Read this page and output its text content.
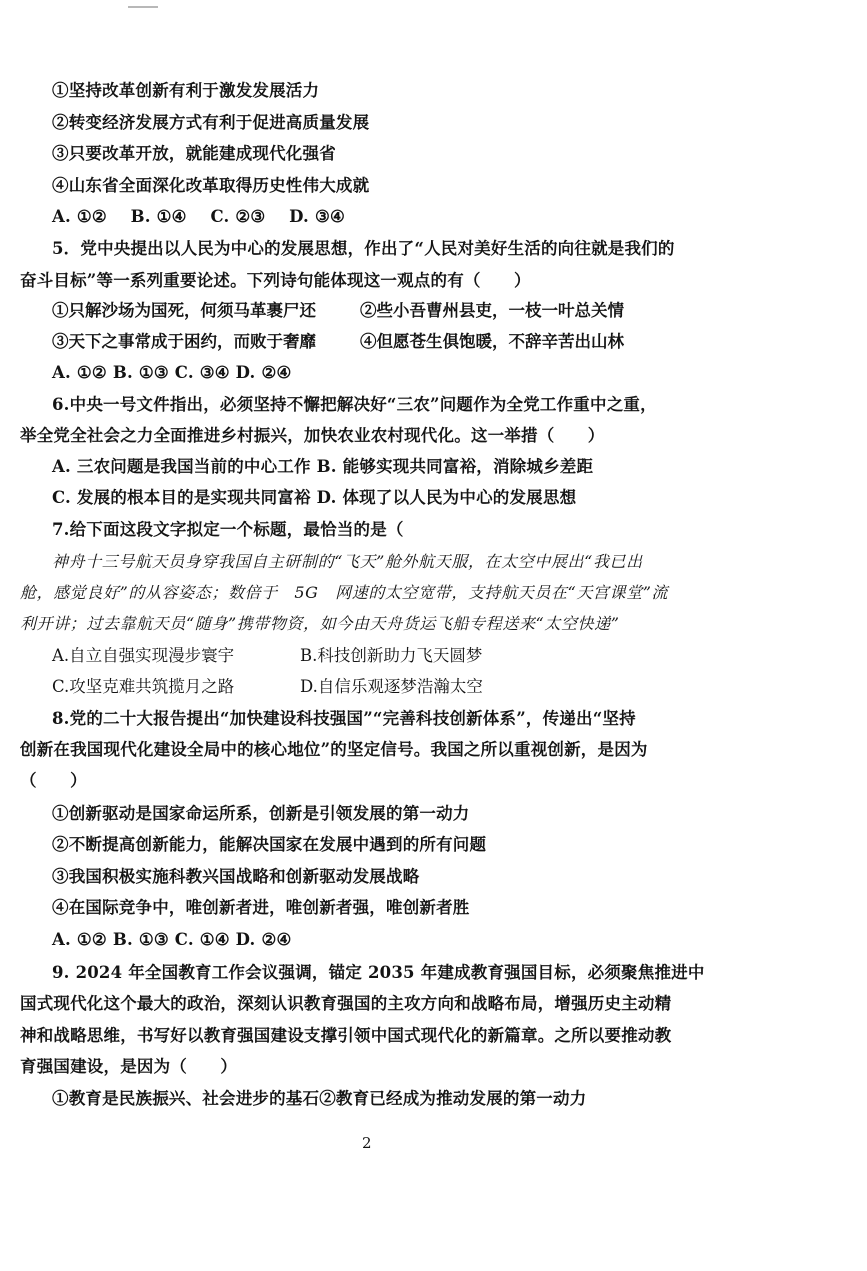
①坚持改革创新有利于激发发展活力
②转变经济发展方式有利于促进高质量发展
③只要改革开放，就能建成现代化强省
④山东省全面深化改革取得历史性伟大成就
A. ①②    B. ①④    C. ②③    D. ③④
5．党中央提出以人民为中心的发展思想，作出了“人民对美好生活的向往就是我们的
奋斗目标”等一系列重要论述。下列诗句能体现这一观点的有（　　）
①只解沙场为国死，何须马革裹尸还	②些小吾曹州县吏，一枝一叶总关情
③天下之事常成于困约，而败于奢靡	④但愿苍生俱饱暖，不辞辛苦出山林
A. ①② B. ①③ C. ③④ D. ②④
6.中央一号文件指出，必须坚持不懈把解决好“三农”问题作为全党工作重中之重，
举全党全社会之力全面推进乡村振兴，加快农业农村现代化。这一举措（　　）
A. 三农问题是我国当前的中心工作 B. 能够实现共同富裕，消除城乡差距
C. 发展的根本目的是实现共同富裕 D. 体现了以人民为中心的发展思想
7.给下面这段文字拟定一个标题，最恰当的是（
神舟十三号航天员身穿我国自主研制的“飞天”舱外航天服，在太空中展出“我已出
舱，感觉良好”的从容姿态；数倍于　5G　网速的太空宽带，支持航天员在“天宫课堂”流
利开讲；过去靠航天员“随身”携带物资，如今由天舟货运飞船专程送来“太空快递”
A.自立自强实现漫步寰宇	B.科技创新助力飞天圆梦
C.攻坚克难共筑揽月之路	D.自信乐观逐梦浩瀚太空
8.党的二十大报告提出“加快建设科技强国”“完善科技创新体系”，传递出“坚持
创新在我国现代化建设全局中的核心地位”的坚定信号。我国之所以重视创新，是因为
（　　）
①创新驱动是国家命运所系，创新是引领发展的第一动力
②不断提高创新能力，能解决国家在发展中遇到的所有问题
③我国积极实施科教兴国战略和创新驱动发展战略
④在国际竞争中，唯创新者进，唯创新者强，唯创新者胜
A. ①② B. ①③ C. ①④ D. ②④
9. 2024 年全国教育工作会议强调，锚定 2035 年建成教育强国目标，必须聚焦推进中
国式现代化这个最大的政治，深刻认识教育强国的主攻方向和战略布局，增强历史主动精
神和战略思维，书写好以教育强国建设支撑引领中国式现代化的新篇章。之所以要推动教
育强国建设，是因为（　　）
①教育是民族振兴、社会进步的基石②教育已经成为推动发展的第一动力
2
